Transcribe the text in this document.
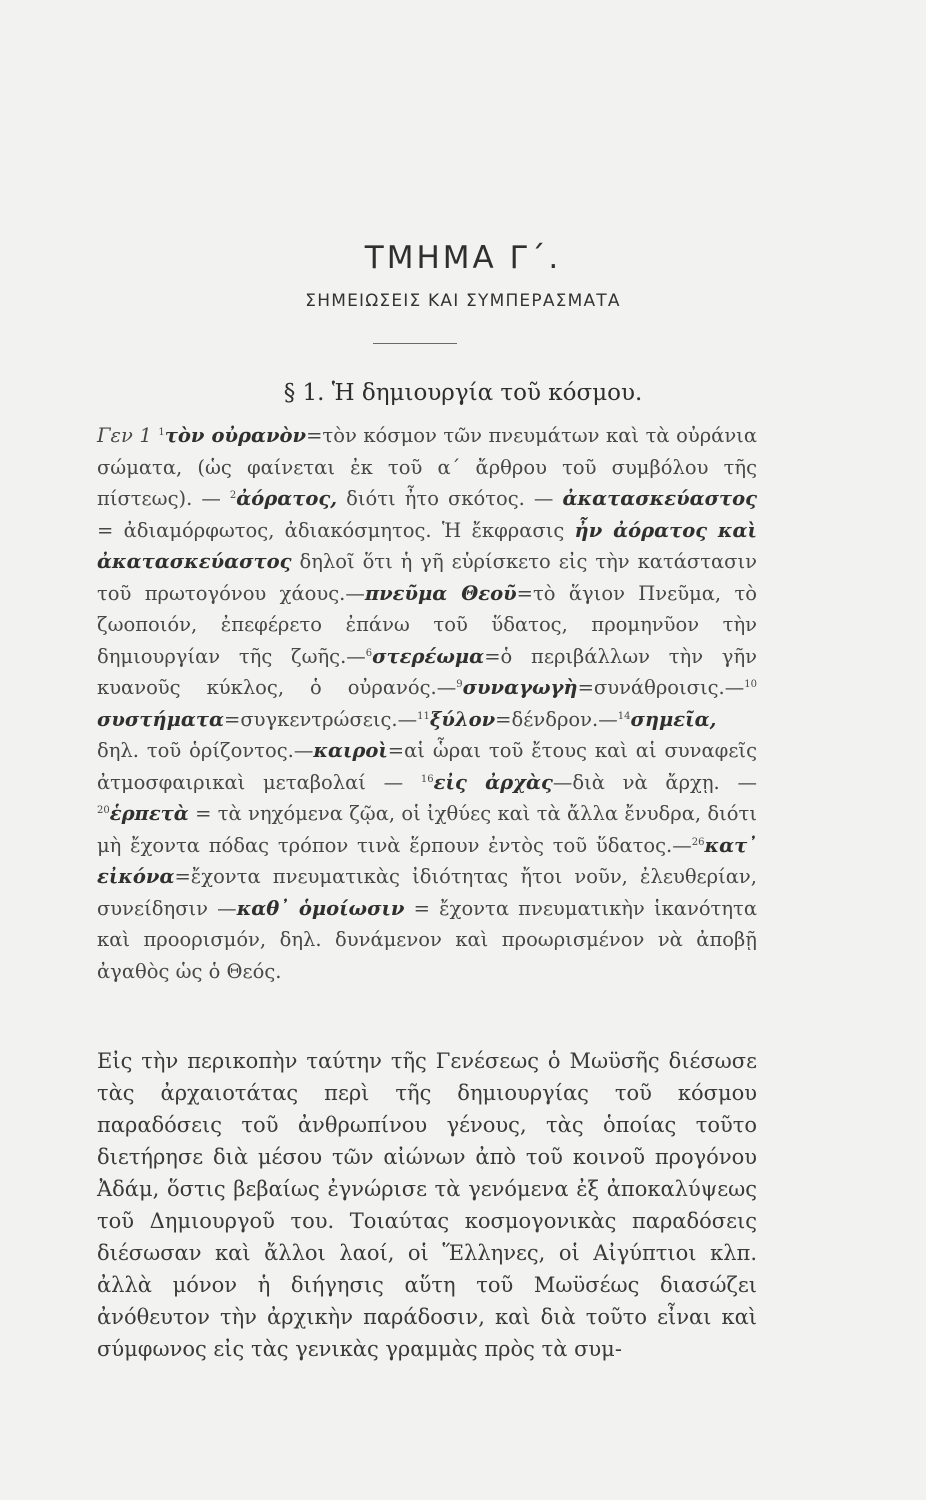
ΤΜΗΜΑ Γ΄.
ΣΗΜΕΙΩΣΕΙΣ ΚΑΙ ΣΥΜΠΕΡΑΣΜΑΤΑ
§ 1. Ἡ δημιουργία τοῦ κόσμου.
Γεν 1 $^1$τὸν οὐρανὸν=τὸν κόσμον τῶν πνευμάτων καὶ τὰ οὐράνια σώματα, (ὡς φαίνεται ἐκ τοῦ α΄ ἄρθρου τοῦ συμβόλου τῆς πίστεως). — $^2$ἀόρατος, διότι ἦτο σκότος. — ἀκατασκεύαστος = ἀδιαμόρφωτος, ἀδιακόσμητος. Ἡ ἔκφρασις ἦν ἀόρατος καὶ ἀκατασκεύαστος δηλοῖ ὅτι ἡ γῆ εὑρίσκετο εἰς τὴν κατάστασιν τοῦ πρωτογόνου χάους.—πνεῦμα Θεοῦ=τὸ ἅγιον Πνεῦμα, τὸ ζωοποιόν, ἐπεφέρετο ἐπάνω τοῦ ὕδατος, προμηνῦον τὴν δημιουργίαν τῆς ζωῆς.—$^6$στερέωμα=ὁ περιβάλλων τὴν γῆν κυανοῦς κύκλος, ὁ οὐρανός.—$^9$συναγωγὴ=συνάθροισις.—$^{10}$ συστήματα=συγκεντρώσεις.—$^{11}$ξύλον=δένδρον.—$^{14}$σημεῖα, δηλ. τοῦ ὁρίζοντος.—καιροὶ=αἱ ὧραι τοῦ ἔτους καὶ αἱ συναφεῖς ἀτμοσφαιρικαὶ μεταβολαί — $^{16}$εἰς ἀρχὰς—διὰ νὰ ἄρχῃ. — $^{20}$ἑρπετὰ = τὰ νηχόμενα ζῷα, οἱ ἰχθύες καὶ τὰ ἄλλα ἔνυδρα, διότι μὴ ἔχοντα πόδας τρόπον τινὰ ἕρπουν ἐντὸς τοῦ ὕδατος.—$^{26}$κατ᾽ εἰκόνα=ἔχοντα πνευματικὰς ἰδιότητας ἤτοι νοῦν, ἐλευθερίαν, συνείδησιν —καθ᾽ ὁμοίωσιν = ἔχοντα πνευματικὴν ἱκανότητα καὶ προορισμόν, δηλ. δυνάμενον καὶ προωρισμένον νὰ ἀποβῇ ἀγαθὸς ὡς ὁ Θεός.
Εἰς τὴν περικοπὴν ταύτην τῆς Γενέσεως ὁ Μωϋσῆς διέσωσε τὰς ἀρχαιοτάτας περὶ τῆς δημιουργίας τοῦ κόσμου παραδόσεις τοῦ ἀνθρωπίνου γένους, τὰς ὁποίας τοῦτο διετήρησε διὰ μέσου τῶν αἰώνων ἀπὸ τοῦ κοινοῦ προγόνου Ἀδάμ, ὅστις βεβαίως ἐγνώρισε τὰ γενόμενα ἐξ ἀποκαλύψεως τοῦ Δημιουργοῦ του. Τοιαύτας κοσμογονικὰς παραδόσεις διέσωσαν καὶ ἄλλοι λαοί, οἱ Ἕλληνες, οἱ Αἰγύπτιοι κλπ. ἀλλὰ μόνον ἡ διήγησις αὕτη τοῦ Μωϋσέως διασώζει ἀνόθευτον τὴν ἀρχικὴν παράδοσιν, καὶ διὰ τοῦτο εἶναι καὶ σύμφωνος εἰς τὰς γενικὰς γραμμὰς πρὸς τὰ συμ-
